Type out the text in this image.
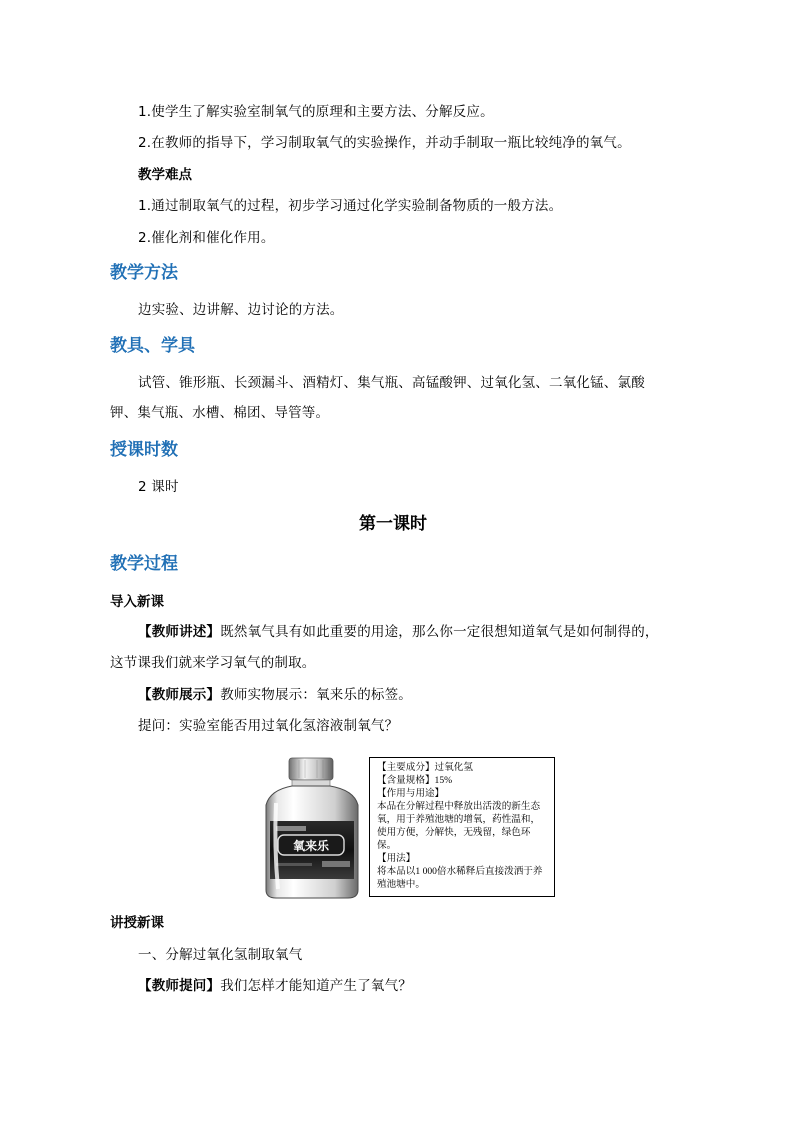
1.使学生了解实验室制氧气的原理和主要方法、分解反应。
2.在教师的指导下，学习制取氧气的实验操作，并动手制取一瓶比较纯净的氧气。
教学难点
1.通过制取氧气的过程，初步学习通过化学实验制备物质的一般方法。
2.催化剂和催化作用。
教学方法
边实验、边讲解、边讨论的方法。
教具、学具
试管、锥形瓶、长颈漏斗、酒精灯、集气瓶、高锰酸钾、过氧化氢、二氧化锰、氯酸
钾、集气瓶、水槽、棉团、导管等。
授课时数
2 课时
第一课时
教学过程
导入新课
【教师讲述】既然氧气具有如此重要的用途，那么你一定很想知道氧气是如何制得的，
这节课我们就来学习氧气的制取。
【教师展示】教师实物展示：氧来乐的标签。
提问：实验室能否用过氧化氢溶液制氧气？
氧来乐
【主要成分】过氧化氢
【含量规格】15%
【作用与用途】
本品在分解过程中释放出活泼的新生态氧，用于养殖池塘的增氧，药性温和，使用方便，分解快，无残留，绿色环保。
【用法】
将本品以1 000倍水稀释后直接泼洒于养殖池塘中。
讲授新课
一、分解过氧化氢制取氧气
【教师提问】我们怎样才能知道产生了氧气？
